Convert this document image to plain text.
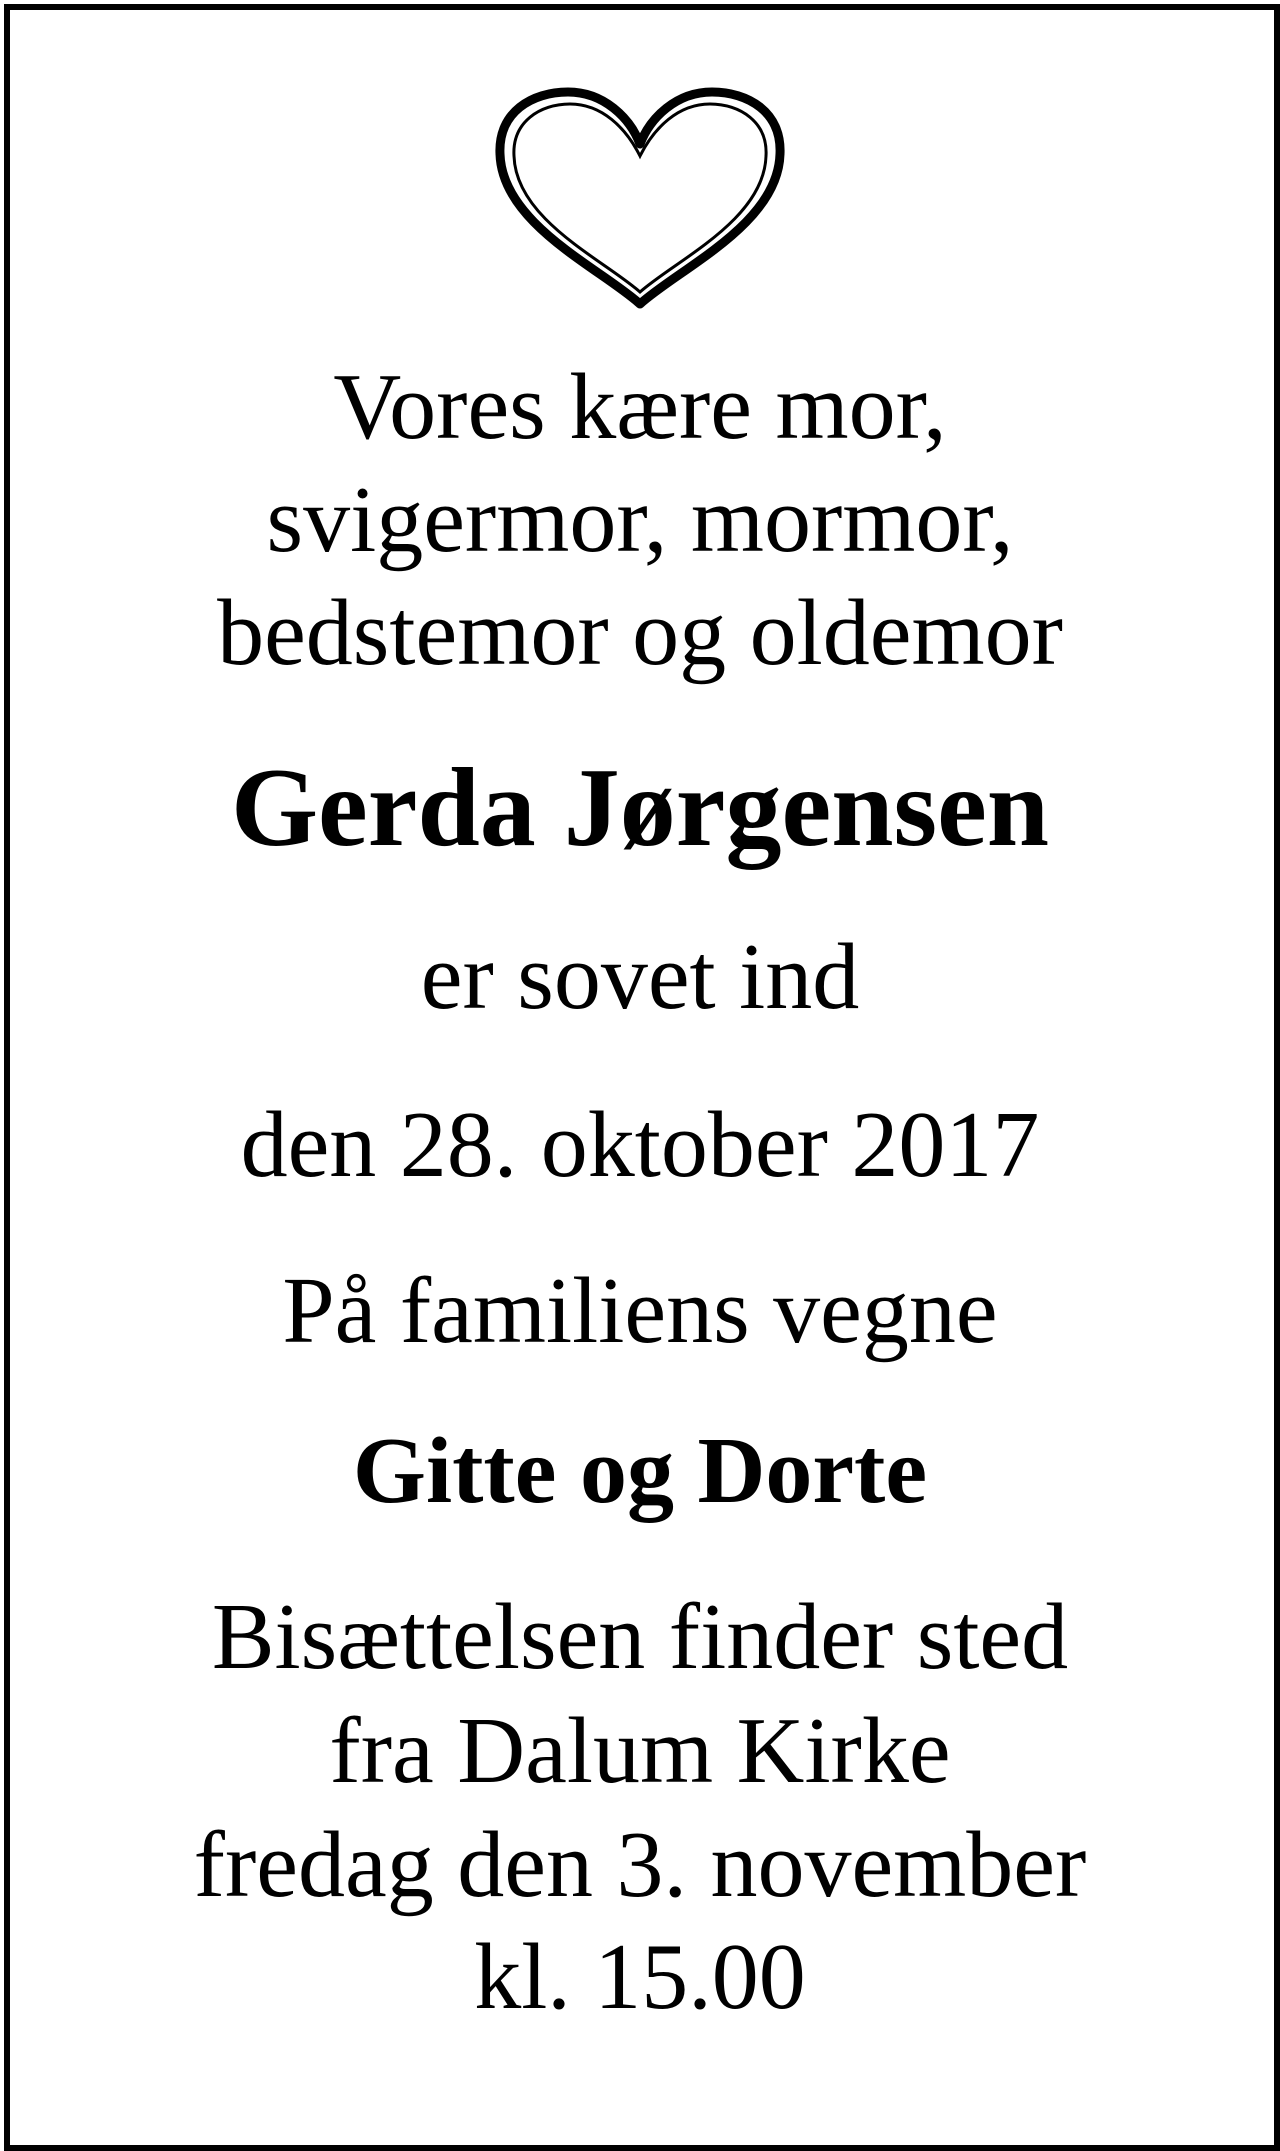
Vores kære mor,
svigermor, mormor,
bedstemor og oldemor
Gerda Jørgensen
er sovet ind
den 28. oktober 2017
På familiens vegne
Gitte og Dorte
Bisættelsen finder sted
fra Dalum Kirke
fredag den 3. november
kl. 15.00
